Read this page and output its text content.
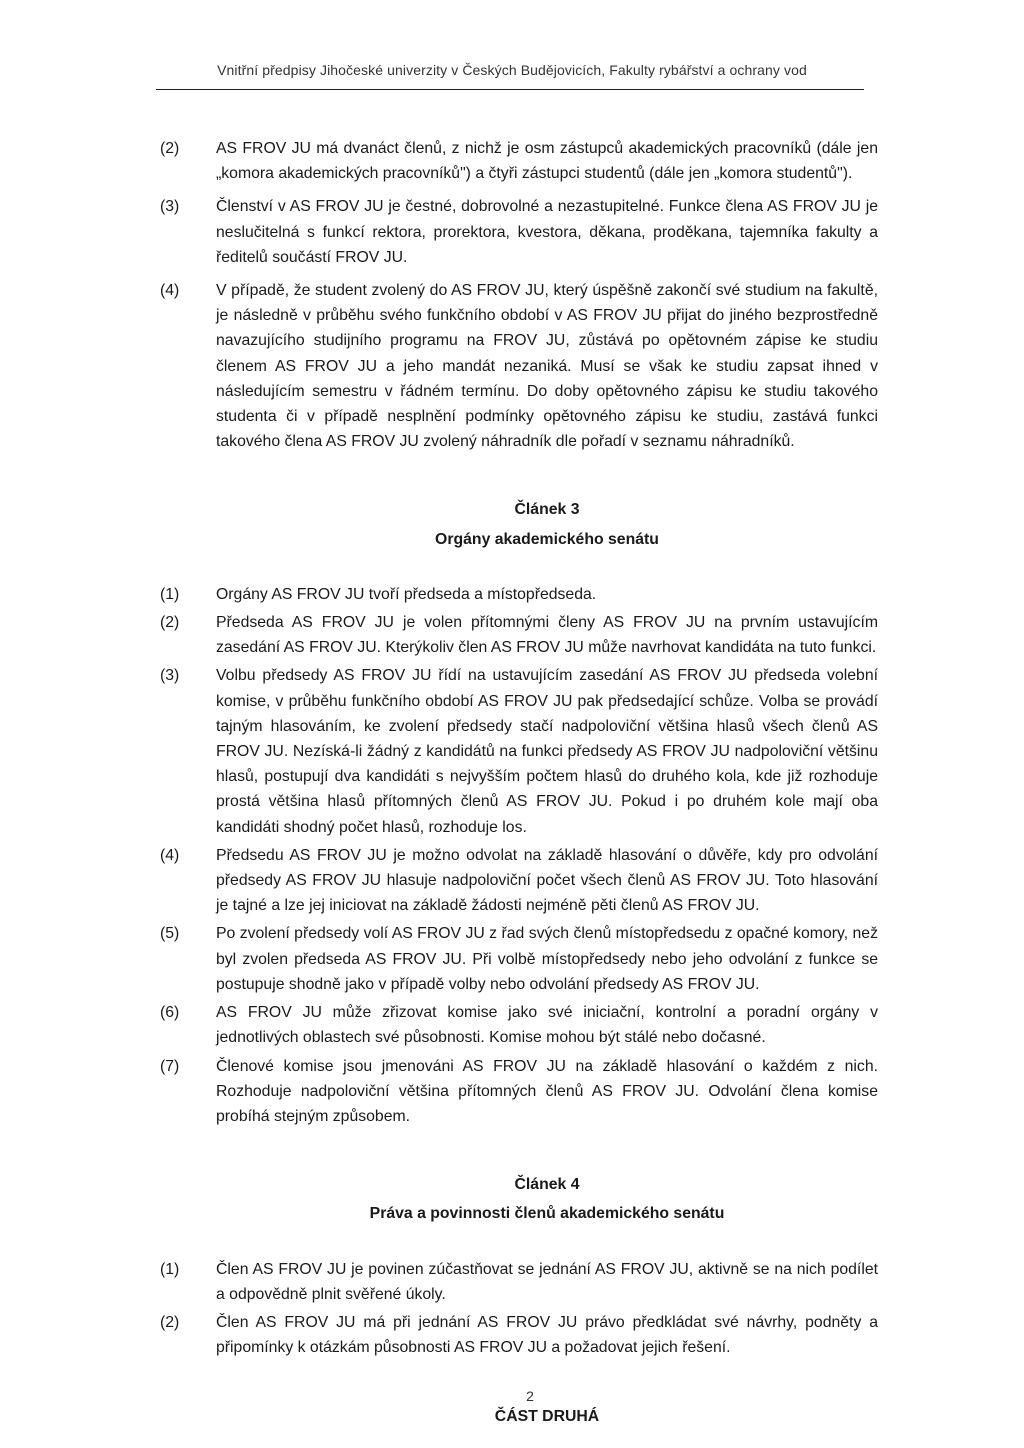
Vnitřní předpisy Jihočeské univerzity v Českých Budějovicích, Fakulty rybářství a ochrany vod
(2)	AS FROV JU má dvanáct členů, z nichž je osm zástupců akademických pracovníků (dále jen „komora akademických pracovníků") a čtyři zástupci studentů (dále jen „komora studentů").
(3)	Členství v AS FROV JU je čestné, dobrovolné a nezastupitelné. Funkce člena AS FROV JU je neslučitelná s funkcí rektora, prorektora, kvestora, děkana, proděkana, tajemníka fakulty a ředitelů součástí FROV JU.
(4)	V případě, že student zvolený do AS FROV JU, který úspěšně zakončí své studium na fakultě, je následně v průběhu svého funkčního období v AS FROV JU přijat do jiného bezprostředně navazujícího studijního programu na FROV JU, zůstává po opětovném zápise ke studiu členem AS FROV JU a jeho mandát nezaniká. Musí se však ke studiu zapsat ihned v následujícím semestru v řádném termínu. Do doby opětovného zápisu ke studiu takového studenta či v případě nesplnění podmínky opětovného zápisu ke studiu, zastává funkci takového člena AS FROV JU zvolený náhradník dle pořadí v seznamu náhradníků.
Článek 3
Orgány akademického senátu
(1)	Orgány AS FROV JU tvoří předseda a místopředseda.
(2)	Předseda AS FROV JU je volen přítomnými členy AS FROV JU na prvním ustavujícím zasedání AS FROV JU. Kterýkoliv člen AS FROV JU může navrhovat kandidáta na tuto funkci.
(3)	Volbu předsedy AS FROV JU řídí na ustavujícím zasedání AS FROV JU předseda volební komise, v průběhu funkčního období AS FROV JU pak předsedající schůze. Volba se provádí tajným hlasováním, ke zvolení předsedy stačí nadpoloviční většina hlasů všech členů AS FROV JU. Nezíská-li žádný z kandidátů na funkci předsedy AS FROV JU nadpoloviční většinu hlasů, postupují dva kandidáti s nejvyšším počtem hlasů do druhého kola, kde již rozhoduje prostá většina hlasů přítomných členů AS FROV JU. Pokud i po druhém kole mají oba kandidáti shodný počet hlasů, rozhoduje los.
(4)	Předsedu AS FROV JU je možno odvolat na základě hlasování o důvěře, kdy pro odvolání předsedy AS FROV JU hlasuje nadpoloviční počet všech členů AS FROV JU. Toto hlasování je tajné a lze jej iniciovat na základě žádosti nejméně pěti členů AS FROV JU.
(5)	Po zvolení předsedy volí AS FROV JU z řad svých členů místopředsedu z opačné komory, než byl zvolen předseda AS FROV JU. Při volbě místopředsedy nebo jeho odvolání z funkce se postupuje shodně jako v případě volby nebo odvolání předsedy AS FROV JU.
(6)	AS FROV JU může zřizovat komise jako své iniciační, kontrolní a poradní orgány v jednotlivých oblastech své působnosti. Komise mohou být stálé nebo dočasné.
(7)	Členové komise jsou jmenováni AS FROV JU na základě hlasování o každém z nich. Rozhoduje nadpoloviční většina přítomných členů AS FROV JU. Odvolání člena komise probíhá stejným způsobem.
Článek 4
Práva a povinnosti členů akademického senátu
(1)	Člen AS FROV JU je povinen zúčastňovat se jednání AS FROV JU, aktivně se na nich podílet a odpovědně plnit svěřené úkoly.
(2)	Člen AS FROV JU má při jednání AS FROV JU právo předkládat své návrhy, podněty a připomínky k otázkám působnosti AS FROV JU a požadovat jejich řešení.
ČÁST DRUHÁ
2
